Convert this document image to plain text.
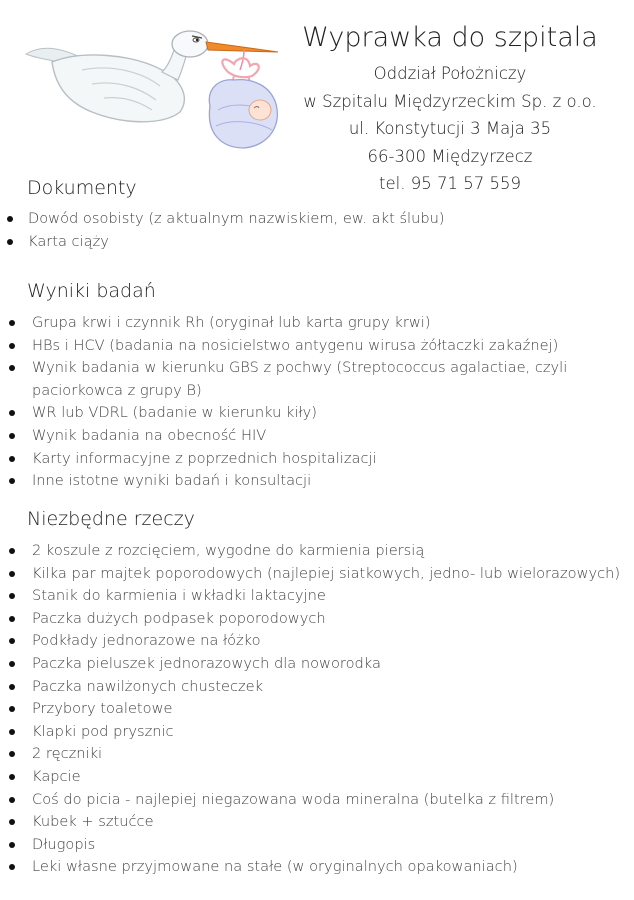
Wyprawka do szpitala
Oddział Położniczy
w Szpitalu Międzyrzeckim Sp. z o.o.
ul. Konstytucji 3 Maja 35
66-300 Międzyrzecz
tel. 95 71 57 559
Dokumenty
Dowód osobisty (z aktualnym nazwiskiem, ew. akt ślubu)
Karta ciąży
Wyniki badań
Grupa krwi i czynnik Rh (oryginał lub karta grupy krwi)
HBs i HCV (badania na nosicielstwo antygenu wirusa żółtaczki zakaźnej)
Wynik badania w kierunku GBS z pochwy (Streptococcus agalactiae, czyli paciorkowca z grupy B)
WR lub VDRL (badanie w kierunku kiły)
Wynik badania na obecność HIV
Karty informacyjne z poprzednich hospitalizacji
Inne istotne wyniki badań i konsultacji
Niezbędne rzeczy
2 koszule z rozcięciem, wygodne do karmienia piersią
Kilka par majtek poporodowych (najlepiej siatkowych, jedno- lub wielorazowych)
Stanik do karmienia i wkładki laktacyjne
Paczka dużych podpasek poporodowych
Podkłady jednorazowe na łóżko
Paczka pieluszek jednorazowych dla noworodka
Paczka nawilżonych chusteczek
Przybory toaletowe
Klapki pod prysznic
2 ręczniki
Kapcie
Coś do picia - najlepiej niegazowana woda mineralna (butelka z filtrem)
Kubek + sztućce
Długopis
Leki własne przyjmowane na stałe (w oryginalnych opakowaniach)
